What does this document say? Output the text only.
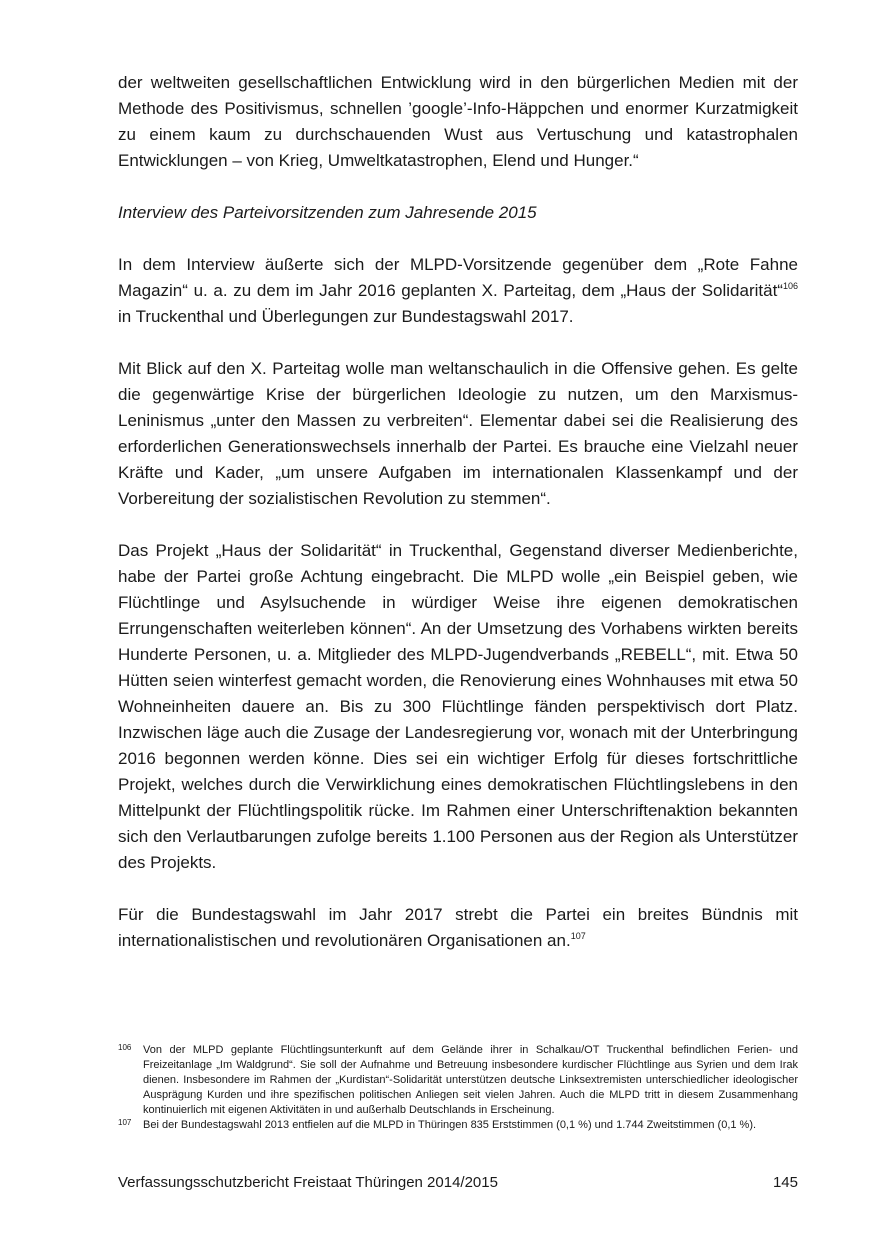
der weltweiten gesellschaftlichen Entwicklung wird in den bürgerlichen Medien mit der Methode des Positivismus, schnellen ’google’-Info-Häppchen und enormer Kurzatmigkeit zu einem kaum zu durchschauenden Wust aus Vertuschung und katastrophalen Entwicklungen – von Krieg, Umweltkatastrophen, Elend und Hunger.“

Interview des Parteivorsitzenden zum Jahresende 2015

In dem Interview äußerte sich der MLPD-Vorsitzende gegenüber dem „Rote Fahne Magazin“ u. a. zu dem im Jahr 2016 geplanten X. Parteitag, dem „Haus der Solidarität“$^{106}$ in Truckenthal und Überlegungen zur Bundestagswahl 2017.

Mit Blick auf den X. Parteitag wolle man weltanschaulich in die Offensive gehen. Es gelte die gegenwärtige Krise der bürgerlichen Ideologie zu nutzen, um den Marxismus-Leninismus „unter den Massen zu verbreiten“. Elementar dabei sei die Realisierung des erforderlichen Generationswechsels innerhalb der Partei. Es brauche eine Vielzahl neuer Kräfte und Kader, „um unsere Aufgaben im internationalen Klassenkampf und der Vorbereitung der sozialistischen Revolution zu stemmen“.

Das Projekt „Haus der Solidarität“ in Truckenthal, Gegenstand diverser Medienberichte, habe der Partei große Achtung eingebracht. Die MLPD wolle „ein Beispiel geben, wie Flüchtlinge und Asylsuchende in würdiger Weise ihre eigenen demokratischen Errungenschaften weiterleben können“. An der Umsetzung des Vorhabens wirkten bereits Hunderte Personen, u. a. Mitglieder des MLPD-Jugendverbands „REBELL“, mit. Etwa 50 Hütten seien winterfest gemacht worden, die Renovierung eines Wohnhauses mit etwa 50 Wohneinheiten dauere an. Bis zu 300 Flüchtlinge fänden perspektivisch dort Platz. Inzwischen läge auch die Zusage der Landesregierung vor, wonach mit der Unterbringung 2016 begonnen werden könne. Dies sei ein wichtiger Erfolg für dieses fortschrittliche Projekt, welches durch die Verwirklichung eines demokratischen Flüchtlingslebens in den Mittelpunkt der Flüchtlingspolitik rücke. Im Rahmen einer Unterschriftenaktion bekannten sich den Verlautbarungen zufolge bereits 1.100 Personen aus der Region als Unterstützer des Projekts.

Für die Bundestagswahl im Jahr 2017 strebt die Partei ein breites Bündnis mit internationalistischen und revolutionären Organisationen an.$^{107}$

106 Von der MLPD geplante Flüchtlingsunterkunft auf dem Gelände ihrer in Schalkau/OT Truckenthal befindlichen Ferien- und Freizeitanlage „Im Waldgrund“. Sie soll der Aufnahme und Betreuung insbesondere kurdischer Flüchtlinge aus Syrien und dem Irak dienen. Insbesondere im Rahmen der „Kurdistan“-Solidarität unterstützen deutsche Linksextremisten unterschiedlicher ideologischer Ausprägung Kurden und ihre spezifischen politischen Anliegen seit vielen Jahren. Auch die MLPD tritt in diesem Zusammenhang kontinuierlich mit eigenen Aktivitäten in und außerhalb Deutschlands in Erscheinung.

107 Bei der Bundestagswahl 2013 entfielen auf die MLPD in Thüringen 835 Erststimmen (0,1 %) und 1.744 Zweitstimmen (0,1 %).

Verfassungsschutzbericht Freistaat Thüringen 2014/2015	145
